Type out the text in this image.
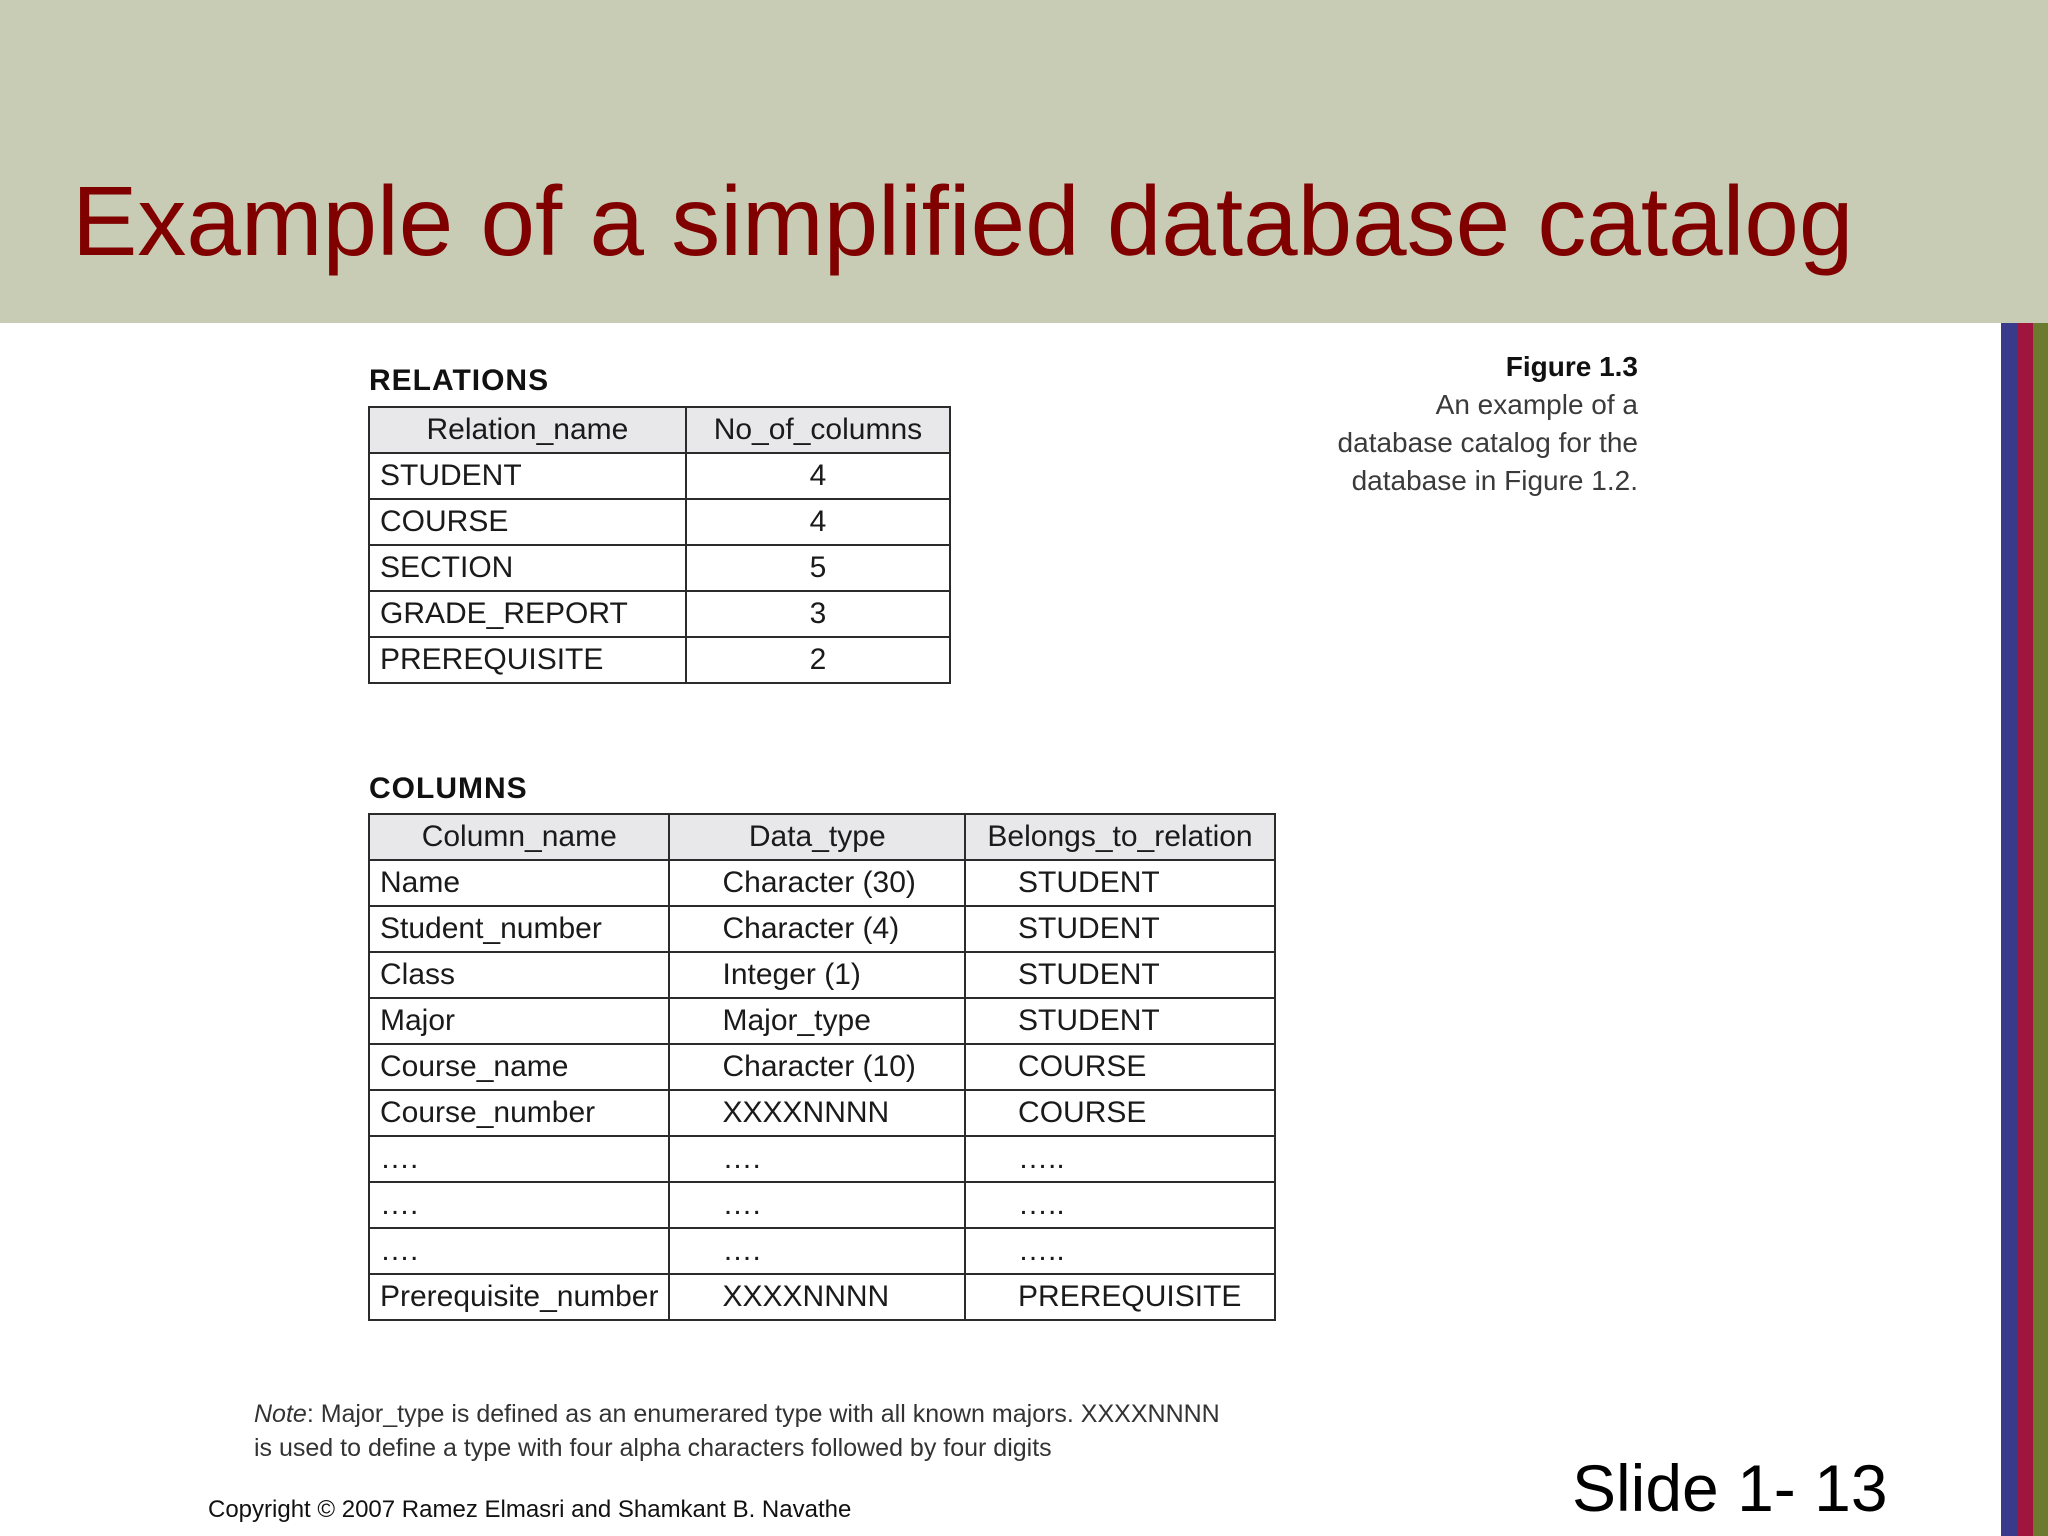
Example of a simplified database catalog
RELATIONS
Relation_name	No_of_columns
STUDENT	4
COURSE	4
SECTION	5
GRADE_REPORT	3
PREREQUISITE	2
Figure 1.3
An example of a
database catalog for the
database in Figure 1.2.
COLUMNS
Column_name	Data_type	Belongs_to_relation
Name	Character (30)	STUDENT
Student_number	Character (4)	STUDENT
Class	Integer (1)	STUDENT
Major	Major_type	STUDENT
Course_name	Character (10)	COURSE
Course_number	XXXXNNNN	COURSE
….	….	…..
….	….	…..
….	….	…..
Prerequisite_number	XXXXNNNN	PREREQUISITE
Note: Major_type is defined as an enumerared type with all known majors. XXXXNNNN
is used to define a type with four alpha characters followed by four digits
Copyright © 2007 Ramez Elmasri and Shamkant B. Navathe	Slide 1- 13
